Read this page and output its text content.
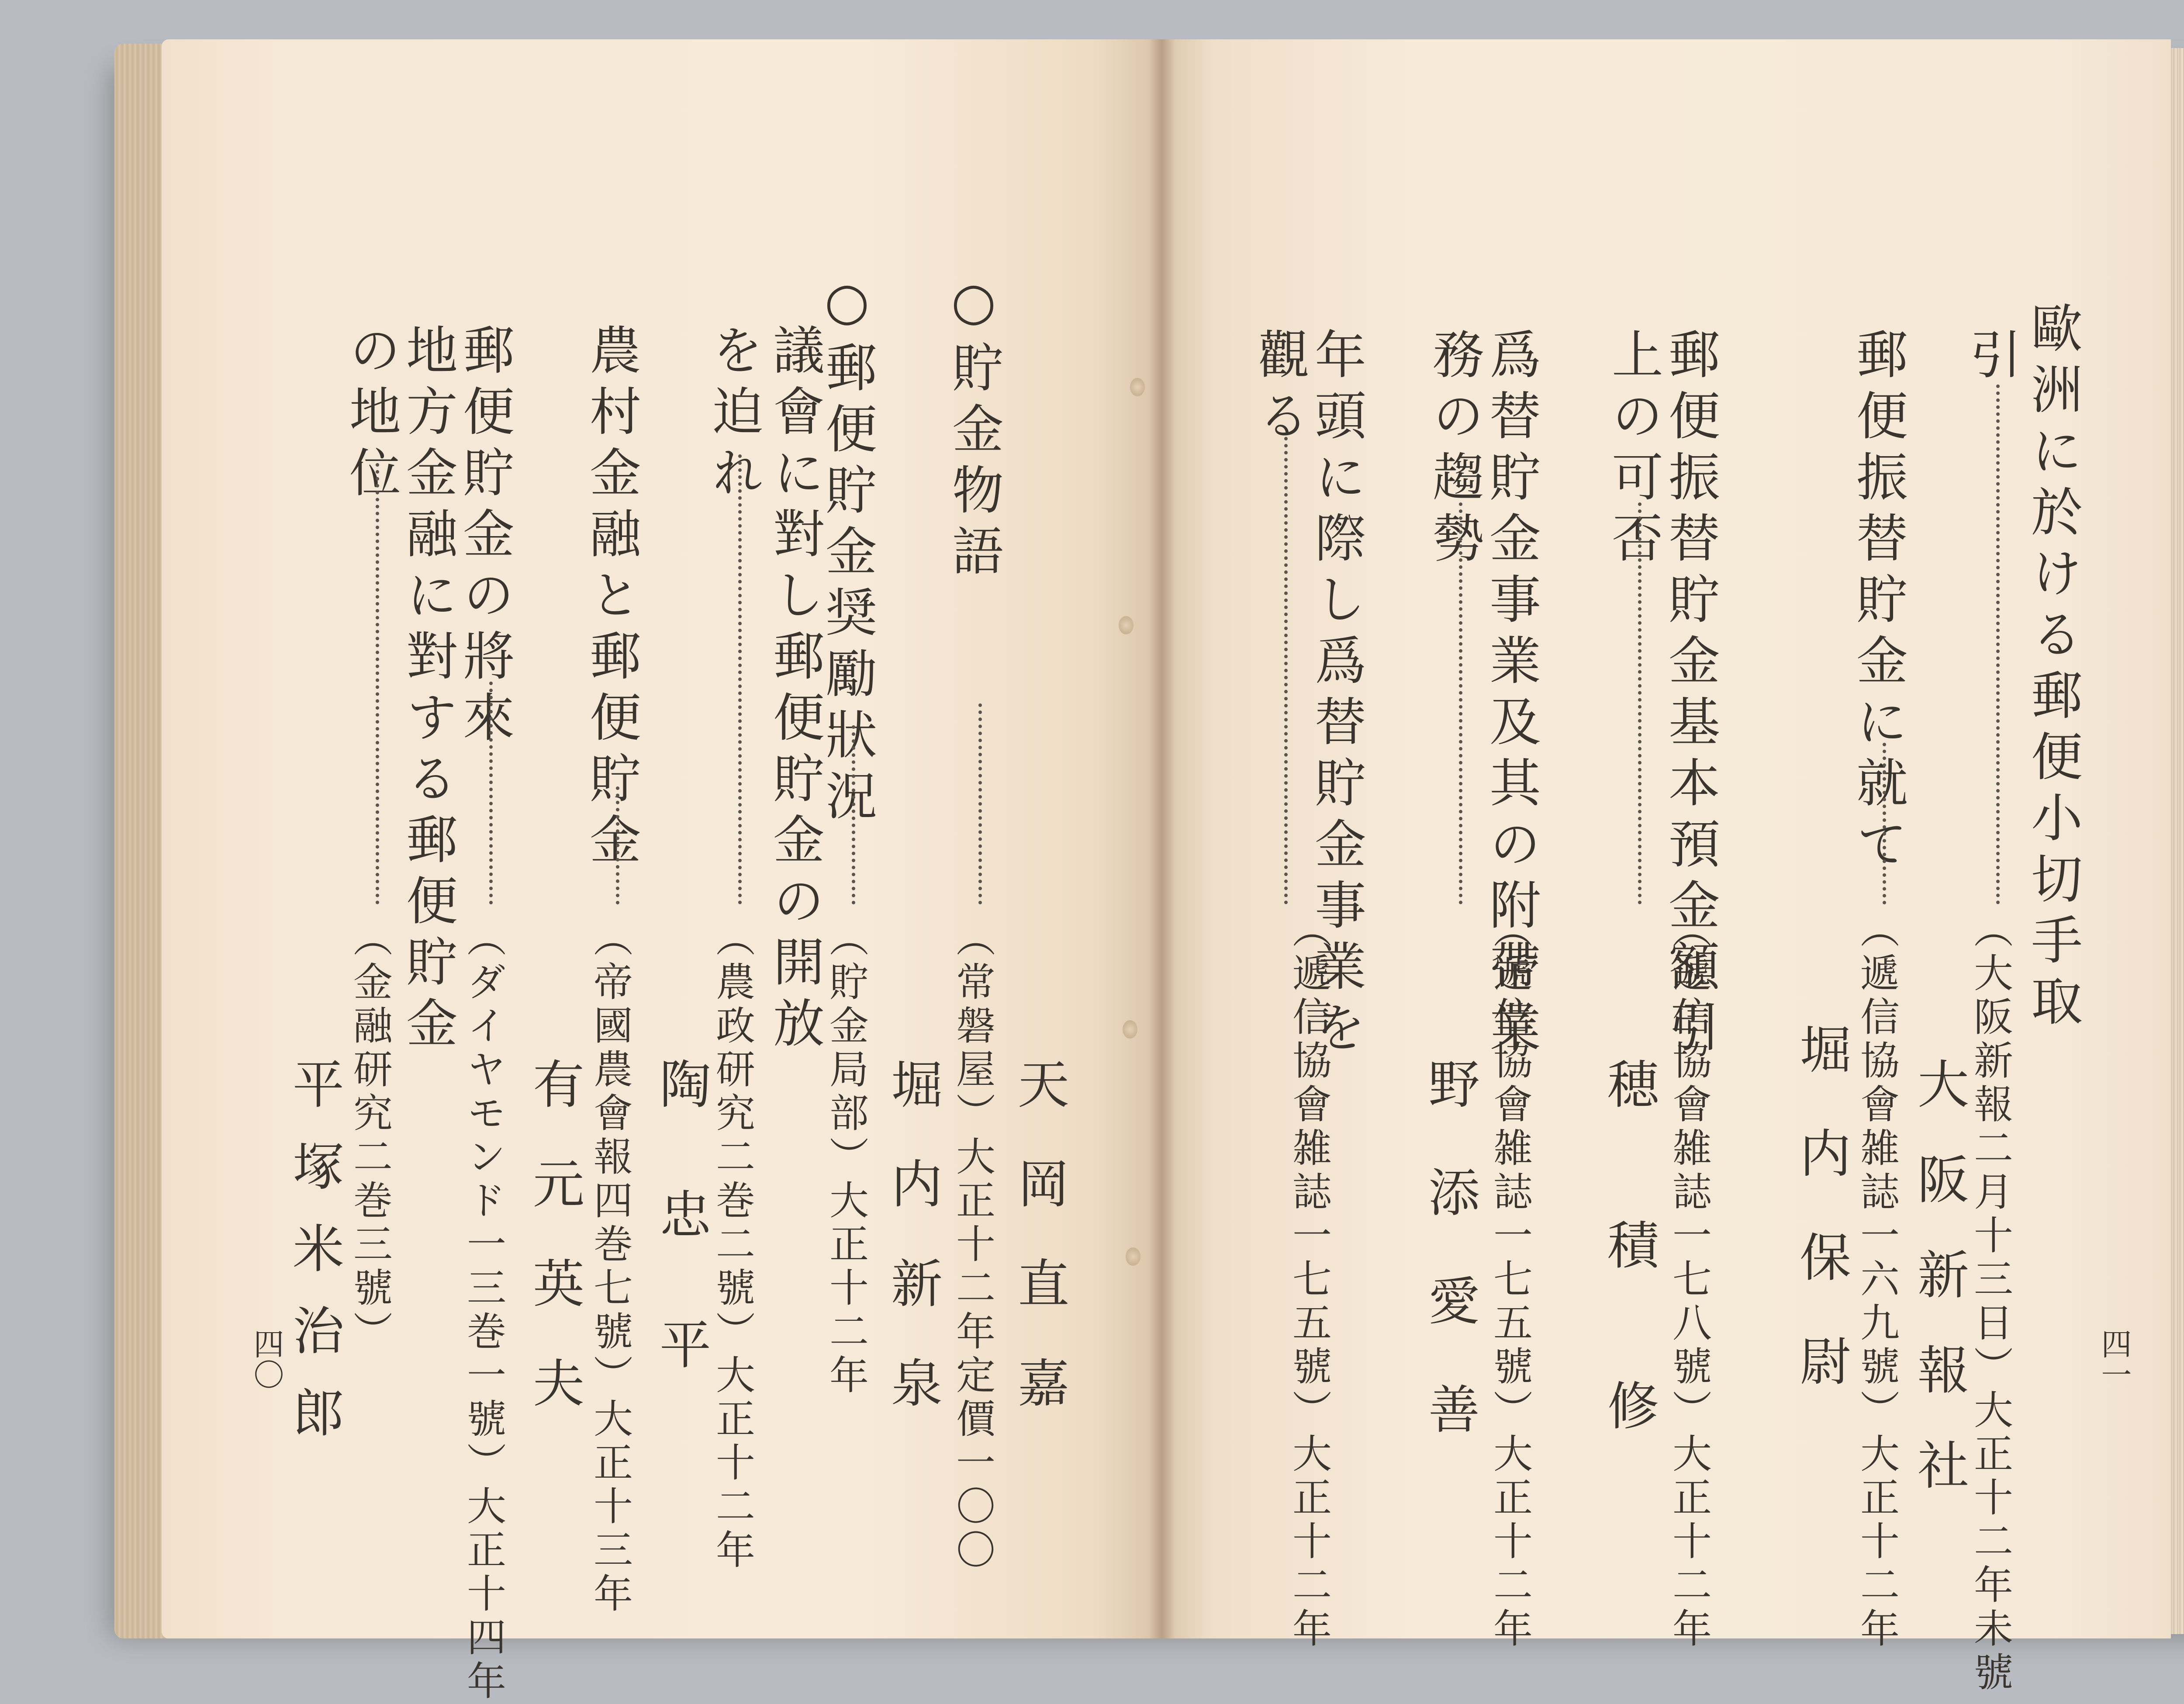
○貯金物語
（常磐屋）大正十二年定價一〇〇 天岡直嘉
○郵便貯金奨勵狀況
（貯金局部）大正十二年 堀内新泉
議會に對し郵便貯金の開放
を迫れ
（農政研究二巻二號）大正十二年
陶忠平
農村金融と郵便貯金
（帝國農會報四巻七號）大正十三年
有元英夫
郵便貯金の將來
（ダイヤモンド一三巻一號）大正十四年
地方金融に對する郵便貯金
の地位
（金融研究二巻三號）
平塚米治郎
四〇
歐洲に於ける郵便小切手取
引
（大阪新報二月十三日）大正十二年未號
大阪新報社
郵便振替貯金に就て
（遞信協會雑誌一六九號）大正十二年
堀内保尉
郵便振替貯金基本預金額引
上の可否
（遞信協會雑誌一七八號）大正十二年
穂積修
爲替貯金事業及其の附帶業
務の趨勢
（遞信協會雑誌一七五號）大正十二年
野添愛善
年頭に際し爲替貯金事業を
觀る
（遞信協會雑誌一七五號）大正十二年	四一
